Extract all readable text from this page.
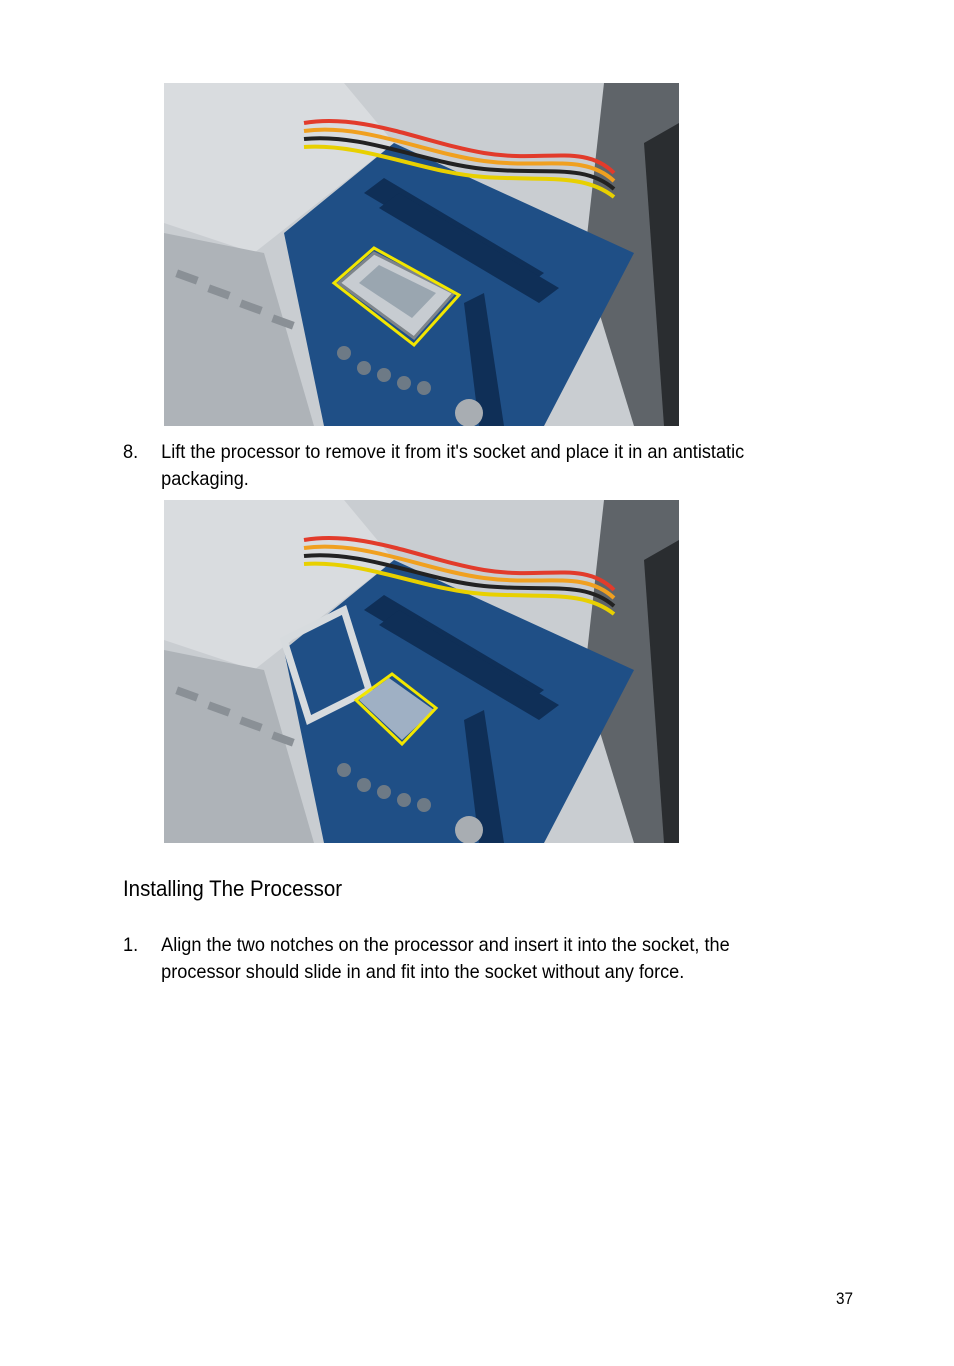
8. Lift the processor to remove it from it's socket and place it in an antistatic packaging.
Installing The Processor
1. Align the two notches on the processor and insert it into the socket, the processor should slide in and fit into the socket without any force.
37
